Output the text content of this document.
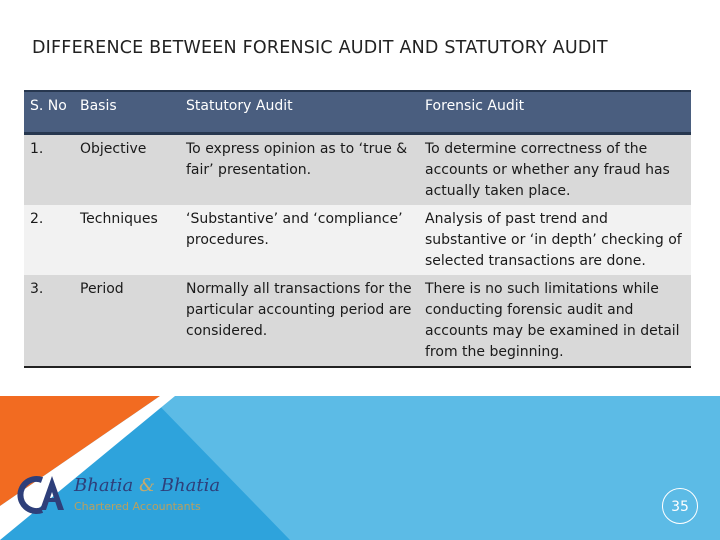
DIFFERENCE BETWEEN FORENSIC AUDIT AND STATUTORY AUDIT
S. No	Basis	Statutory Audit	Forensic Audit
1.	Objective	To express opinion as to ‘true & fair’ presentation.	To determine correctness of the accounts or whether any fraud has actually taken place.
2.	Techniques	‘Substantive’ and ‘compliance’ procedures.	Analysis of past trend and substantive or ‘in depth’ checking of selected transactions are done.
3.	Period	Normally all transactions for the particular accounting period are considered.	There is no such limitations while conducting forensic audit and accounts may be examined in detail from the beginning.
Bhatia & Bhatia
Chartered Accountants	35
